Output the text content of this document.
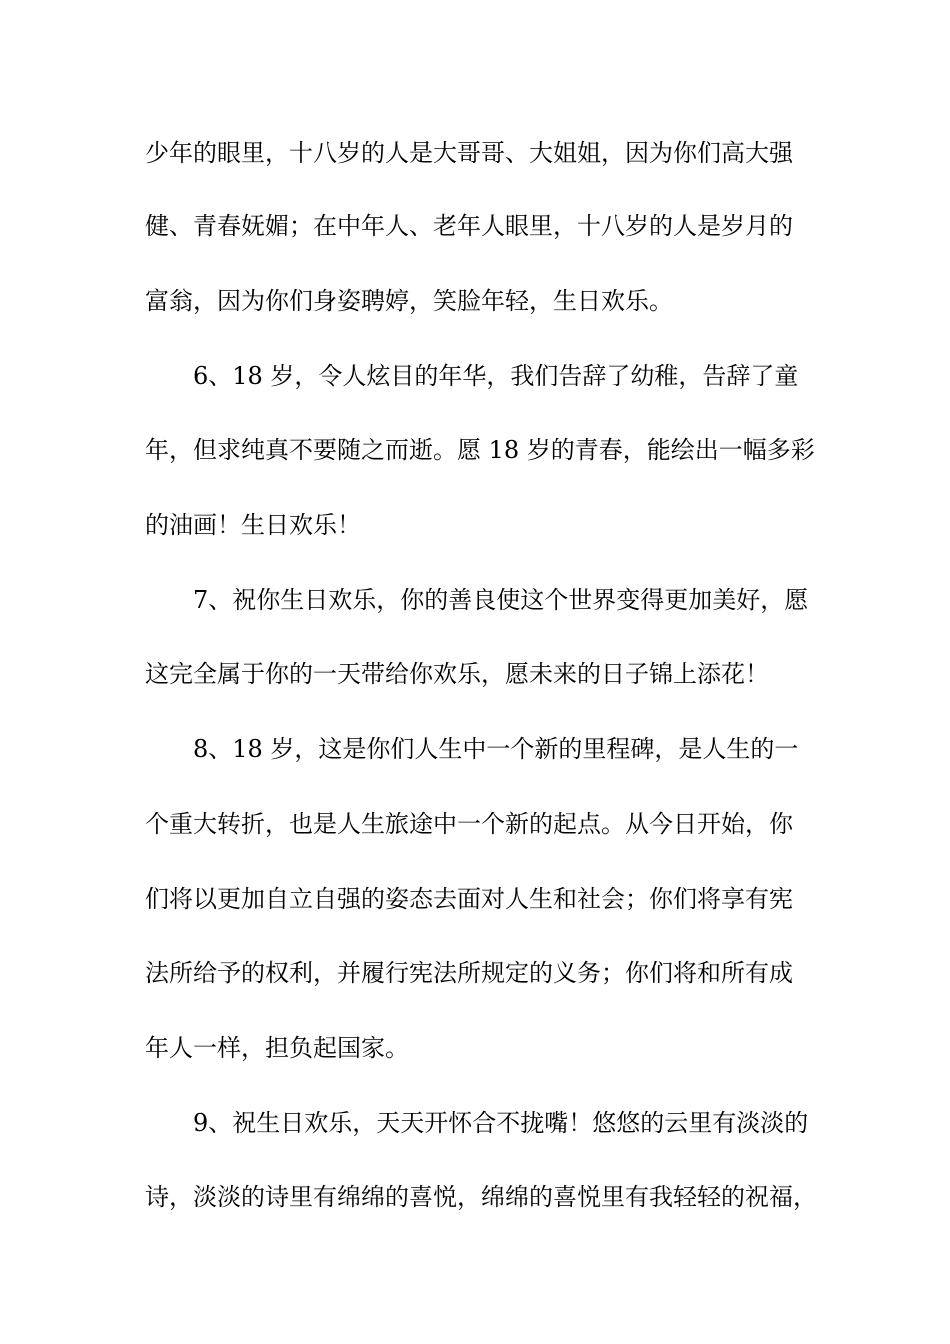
少年的眼里，十八岁的人是大哥哥、大姐姐，因为你们高大强
健、青春妩媚；在中年人、老年人眼里，十八岁的人是岁月的
富翁，因为你们身姿聘婷，笑脸年轻，生日欢乐。
6、18 岁，令人炫目的年华，我们告辞了幼稚，告辞了童
年，但求纯真不要随之而逝。愿 18 岁的青春，能绘出一幅多彩
的油画！生日欢乐！
7、祝你生日欢乐，你的善良使这个世界变得更加美好，愿
这完全属于你的一天带给你欢乐，愿未来的日子锦上添花！
8、18 岁，这是你们人生中一个新的里程碑，是人生的一
个重大转折，也是人生旅途中一个新的起点。从今日开始，你
们将以更加自立自强的姿态去面对人生和社会；你们将享有宪
法所给予的权利，并履行宪法所规定的义务；你们将和所有成
年人一样，担负起国家。
9、祝生日欢乐，天天开怀合不拢嘴！悠悠的云里有淡淡的
诗，淡淡的诗里有绵绵的喜悦，绵绵的喜悦里有我轻轻的祝福，
